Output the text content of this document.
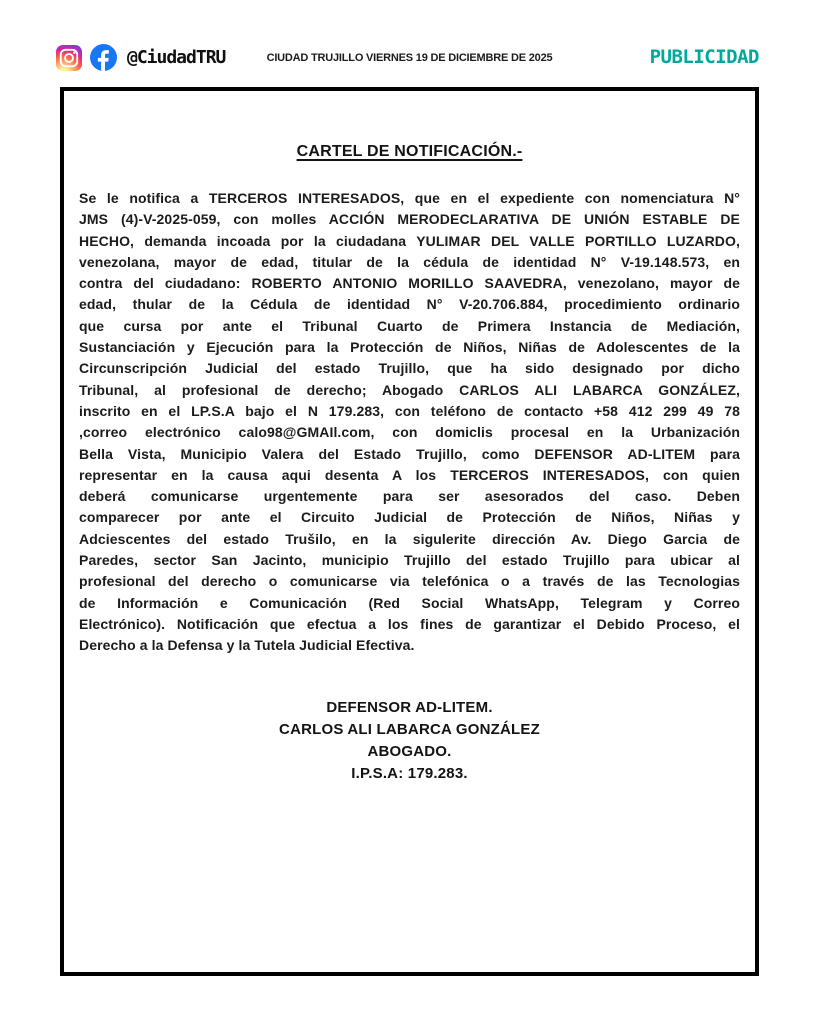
CIUDAD TRUJILLO VIERNES 19 DE DICIEMBRE DE 2025
@CiudadTRU	PUBLICIDAD
CARTEL DE NOTIFICACIÓN.-
Se le notifica a TERCEROS INTERESADOS, que en el expediente con nomenciatura N°
JMS (4)-V-2025-059, con molles ACCIÓN MERODECLARATIVA DE UNIÓN ESTABLE DE
HECHO, demanda incoada por la ciudadana YULIMAR DEL VALLE PORTILLO LUZARDO,
venezolana, mayor de edad, titular de la cédula de identidad N° V-19.148.573, en
contra del ciudadano: ROBERTO ANTONIO MORILLO SAAVEDRA, venezolano, mayor de
edad, thular de la Cédula de identidad N° V-20.706.884, procedimiento ordinario
que cursa por ante el Tribunal Cuarto de Primera Instancia de Mediación,
Sustanciación y Ejecución para la Protección de Niños, Niñas de Adolescentes de la
Circunscripción Judicial del estado Trujillo, que ha sido designado por dicho
Tribunal, al profesional de derecho; Abogado CARLOS ALI LABARCA GONZÁLEZ,
inscrito en el LP.S.A bajo el N 179.283, con teléfono de contacto +58 412 299 49 78
,correo electrónico calo98@GMAIl.com, con domiclis procesal en la Urbanización
Bella Vista, Municipio Valera del Estado Trujillo, como DEFENSOR AD-LITEM para
representar en la causa aqui desenta A los TERCEROS INTERESADOS, con quien
deberá comunicarse urgentemente para ser asesorados del caso. Deben
comparecer por ante el Circuito Judicial de Protección de Niños, Niñas y
Adciescentes del estado Trušilo, en la sigulerite dirección Av. Diego Garcia de
Paredes, sector San Jacinto, municipio Trujillo del estado Trujillo para ubicar al
profesional del derecho o comunicarse via telefónica o a través de las Tecnologias
de Información e Comunicación (Red Social WhatsApp, Telegram y Correo
Electrónico). Notificación que efectua a los fines de garantizar el Debido Proceso, el
Derecho a la Defensa y la Tutela Judicial Efectiva.
DEFENSOR AD-LITEM.
CARLOS ALI LABARCA GONZÁLEZ
ABOGADO.
I.P.S.A: 179.283.
